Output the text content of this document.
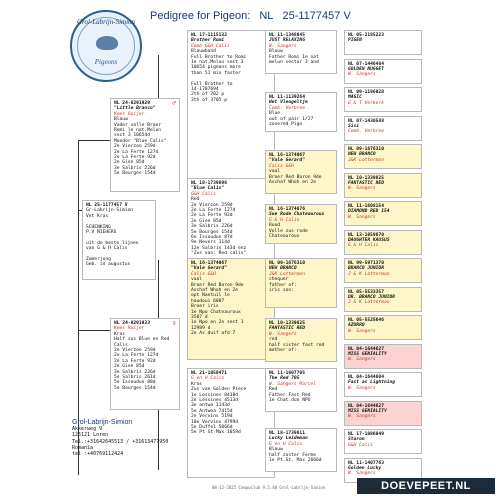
Pedigree for Pigeon: NL 25-1177457 V
Grol-Labrijn-Simion
Pigeons
NL 25-1177457 V
Gr-Labrijn-Simion
Vet Kras

SCHENKING
P.V NIEHERS

uit de beste lijnen
van G & H Calis

Zomerjong
Geb. in augustus
NL 24-8291929
"Little Branco"
Kees Ruijer
Blauw
Vader volle Broer
Romi le nat.Melun
sect 3 10654d
Moeder "Blue Calis"
2e Vierzon 259d
2e La Ferte 127d
2e La Ferte 92d
2e Gien 85d
3e Salbris 226d
5e Bourges 154d
♂
NL 24-8291933
Kees Ruijer
Kras
Half zus Blue en Red
Calis
2e Vierzon 259d
2e La Ferte 127d
2e La Ferte 92d
2e Gien 85d
3e Salbris 226d
5e Salbris 261d
5e Issoudun 88d
5e Bourges 154d
♀
NL 17-1115132
Brother Romi
Comb G&H Calis
Blauwband
Full Brother to Romi
1e nat.Melun sect 3
10654 pigeons more
than 51 min faster

Full Brother to
14-1787694
2th of 702 p
3th of 3705 p
NL 18-1739696
"Blue Calis"
G&H Calis
Red
2e Vierzon 259d
2e La Ferte 127d
2e La Ferte 92d
2e Gien 85d
3e Salbris 226d
5e Bourges 154d
6e Issoudun 87d
9e Nevers 114d
12e Salbris 143d enz
"Zus van: Red calis"
NL 16-1374067
"Vale Gerard"
Calis G&H
vaal
Broer Red Baron 9de
Aschaf Whoh en 2e
opt Nantuil le
haudoui 6087
Broer iris
1e Npo Chateauroux
3587 d
1e Npo en 2e sect 1
12989 d
2e As duif afd 7
NL 21-1058471
G en H Calis
Kras
Zus van Golden Piece
1e Lessines 8418d
2e Lessines 4513d
3e antwa 1143d
5e Antwoa 7415d
2e Vervins 519d
10e Vervins 4799d
5e Duffel 5066d
5e Pt St Max 1059d
NL 11-1348045
JUST RELAXING
W. Sangers
Blauw
Father Romi 1e nat
melun sector 3 and
NL 11-1139264
Het Vleugeltje
Comb. Verbree
Blue
out of pair 1/27
zonered Pigo
NL 16-1374067
"Vale Gerard"
Calis G&H
vaal
Broer Red Baron 9de
Aschaf Whoh en 2e
NL 16-1374076
Sue Rode Chateauroux
G & H Calis
Rood
Volle zus rode
Chateauroux
NL 09-1676310
NEW BRANCO
J&K Lottermen
chequer
father of:
iris son:
NL 10-1339825
FANTASTIC RED
W. Sangers
red
half sister fast red
mother of:
NL 11-1607705
The Red 705
W. Sangers Marcel
Red
Father Fast Red
1e Chat.dun NPO
NL 18-1739811
Lucky Leideman
G en H Calis
Blauw
half zuster Ferme
1e Pt.St. Max 2666d
NL 05-2185223
PIGEN
NL 07-1446484
GOLDEN NUGGET
W. Sangers
NL 09-1186028
MAGIC
G & T Verkerk
NL 07-1430588
Sisi
Comb. Verbree
NL 09-1676310
NEW BRANCO
J&K Lotterman
NL 10-1339825
FANTASTIC RED
W. Sangers
NL 11-1608154
DIAMOND RED 154
W. Sangers
NL 13-1059670
DAUGHTER KAUSUS
G & H Calis
NL 99-5971370
BRANCO JUNIOR
J & K Lotterman
NL 05-5533357
DR. BRANCO JUNIOR
J & K Lotterman
NL 05-5525646
AZURRO
W. Sangers
NL 04-1644627
MISS GENIALITY
W. Sangers
NL 04-1644604
Fast as Lightning
W. Sangers
NL 04-1644627
MISS GENIALITY
W. Sangers
NL 17-1086049
Staron
G&H Calis
NL 11-1407763
Golden Lucky
W. Sangers
Grol-Labrijn-Simion
Akkerweg 9
125121 Loren
Tel.:+31642645513 / +31613477950
Romania
tel :+40769112424
08-12-2025 Compuclub 9.5.40 Grol-Labrijn-Simion	DOEVEPEET.NL
